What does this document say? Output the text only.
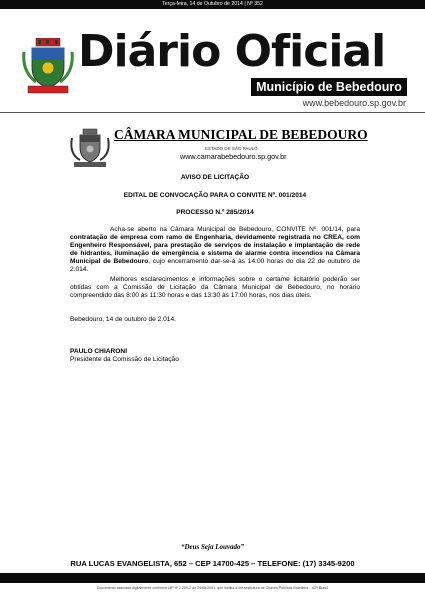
Terça-feira, 14 de Outubro de 2014 | Nº 352
Diário Oficial
Município de Bebedouro
www.bebedouro.sp.gov.br
CÂMARA MUNICIPAL DE BEBEDOURO
ESTADO DE SÃO PAULO
www.camarabebedouro.sp.gov.br
AVISO DE LICITAÇÃO
EDITAL DE CONVOCAÇÃO PARA O CONVITE Nº. 001/2014
PROCESSO N.º 285/2014
Acha-se aberto na Câmara Municipal de Bebedouro, CONVITE Nº. 001/14, para contratação de empresa com ramo de Engenharia, devidamente registrada no CREA, com Engenheiro Responsável, para prestação de serviços de instalação e implantação de rede de hidrantes, iluminação de emergência e sistema de alarme contra incendios na Câmara Municipal de Bebedouro, cujo encerramento dar-se-á às 14:00 horas do dia 22 de outubro de 2.014.
Melhores esclarecimentos e informações sobre o certame licitatório poderão ser obtidas com a Comissão de Licitação da Câmara Municipal de Bebedouro, no horário compreendido das 8:00 às 11:30 horas e das 13:30 às 17:00 horas, nos dias úteis.
Bebedouro, 14 de outubro de 2.014.
PAULO CHIARONI
Presidente da Comissão de Licitação
“Deus Seja Louvado”
RUA LUCAS EVANGELISTA, 652 – CEP 14700-425 – TELEFONE: (17) 3345-9200
Documento assinado digitalmente conforme MP nº 2.200-2 de 24/08/2001, que institui a Infraestrutura de Chaves Públicas Brasileira - ICP-Brasil
